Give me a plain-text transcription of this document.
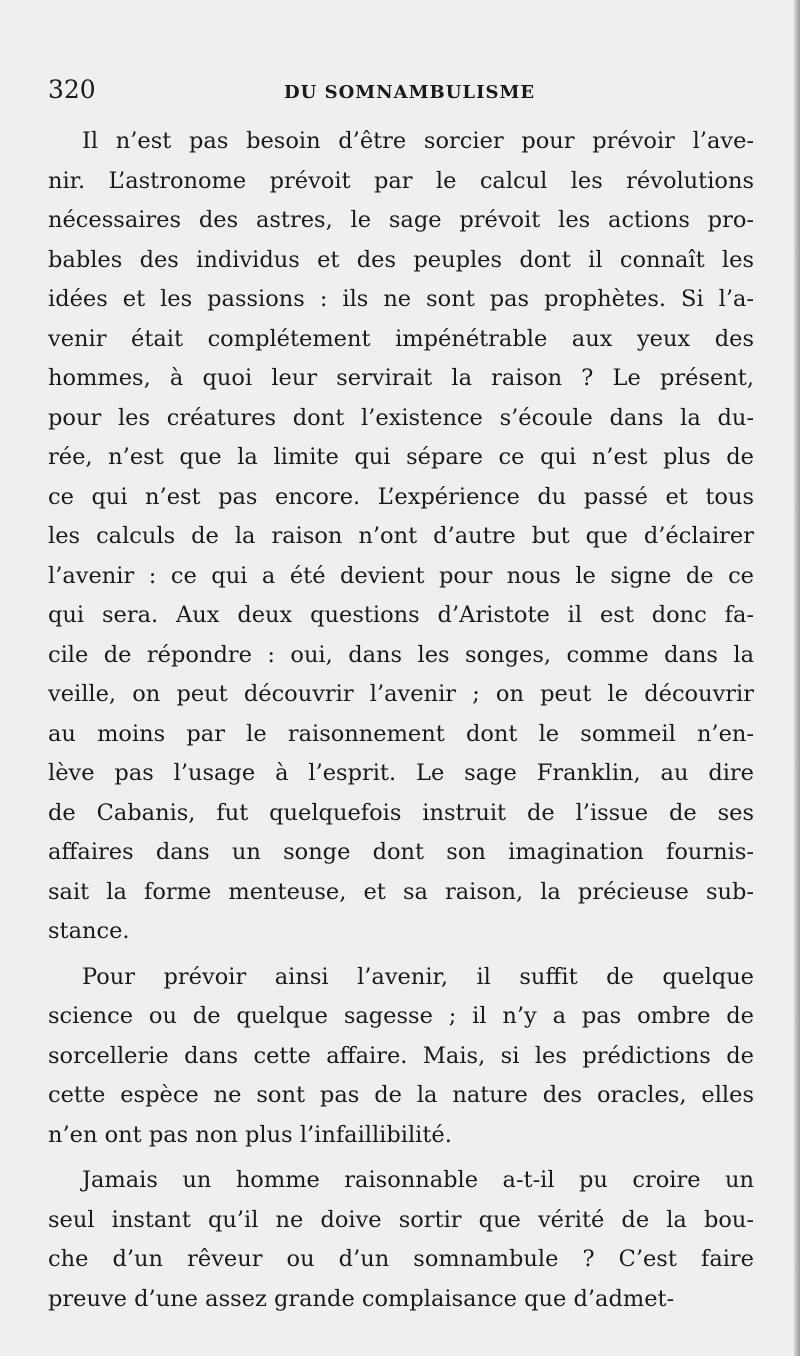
320	DU SOMNAMBULISME
Il n’est pas besoin d’être sorcier pour prévoir l’ave-
nir. L’astronome prévoit par le calcul les révolutions
nécessaires des astres, le sage prévoit les actions pro-
bables des individus et des peuples dont il connaît les
idées et les passions : ils ne sont pas prophètes. Si l’a-
venir était complétement impénétrable aux yeux des
hommes, à quoi leur servirait la raison ? Le présent,
pour les créatures dont l’existence s’écoule dans la du-
rée, n’est que la limite qui sépare ce qui n’est plus de
ce qui n’est pas encore. L’expérience du passé et tous
les calculs de la raison n’ont d’autre but que d’éclairer
l’avenir : ce qui a été devient pour nous le signe de ce
qui sera. Aux deux questions d’Aristote il est donc fa-
cile de répondre : oui, dans les songes, comme dans la
veille, on peut découvrir l’avenir ; on peut le découvrir
au moins par le raisonnement dont le sommeil n’en-
lève pas l’usage à l’esprit. Le sage Franklin, au dire
de Cabanis, fut quelquefois instruit de l’issue de ses
affaires dans un songe dont son imagination fournis-
sait la forme menteuse, et sa raison, la précieuse sub-
stance.
Pour prévoir ainsi l’avenir, il suffit de quelque
science ou de quelque sagesse ; il n’y a pas ombre de
sorcellerie dans cette affaire. Mais, si les prédictions de
cette espèce ne sont pas de la nature des oracles, elles
n’en ont pas non plus l’infaillibilité.
Jamais un homme raisonnable a-t-il pu croire un
seul instant qu’il ne doive sortir que vérité de la bou-
che d’un rêveur ou d’un somnambule ? C’est faire
preuve d’une assez grande complaisance que d’admet-
